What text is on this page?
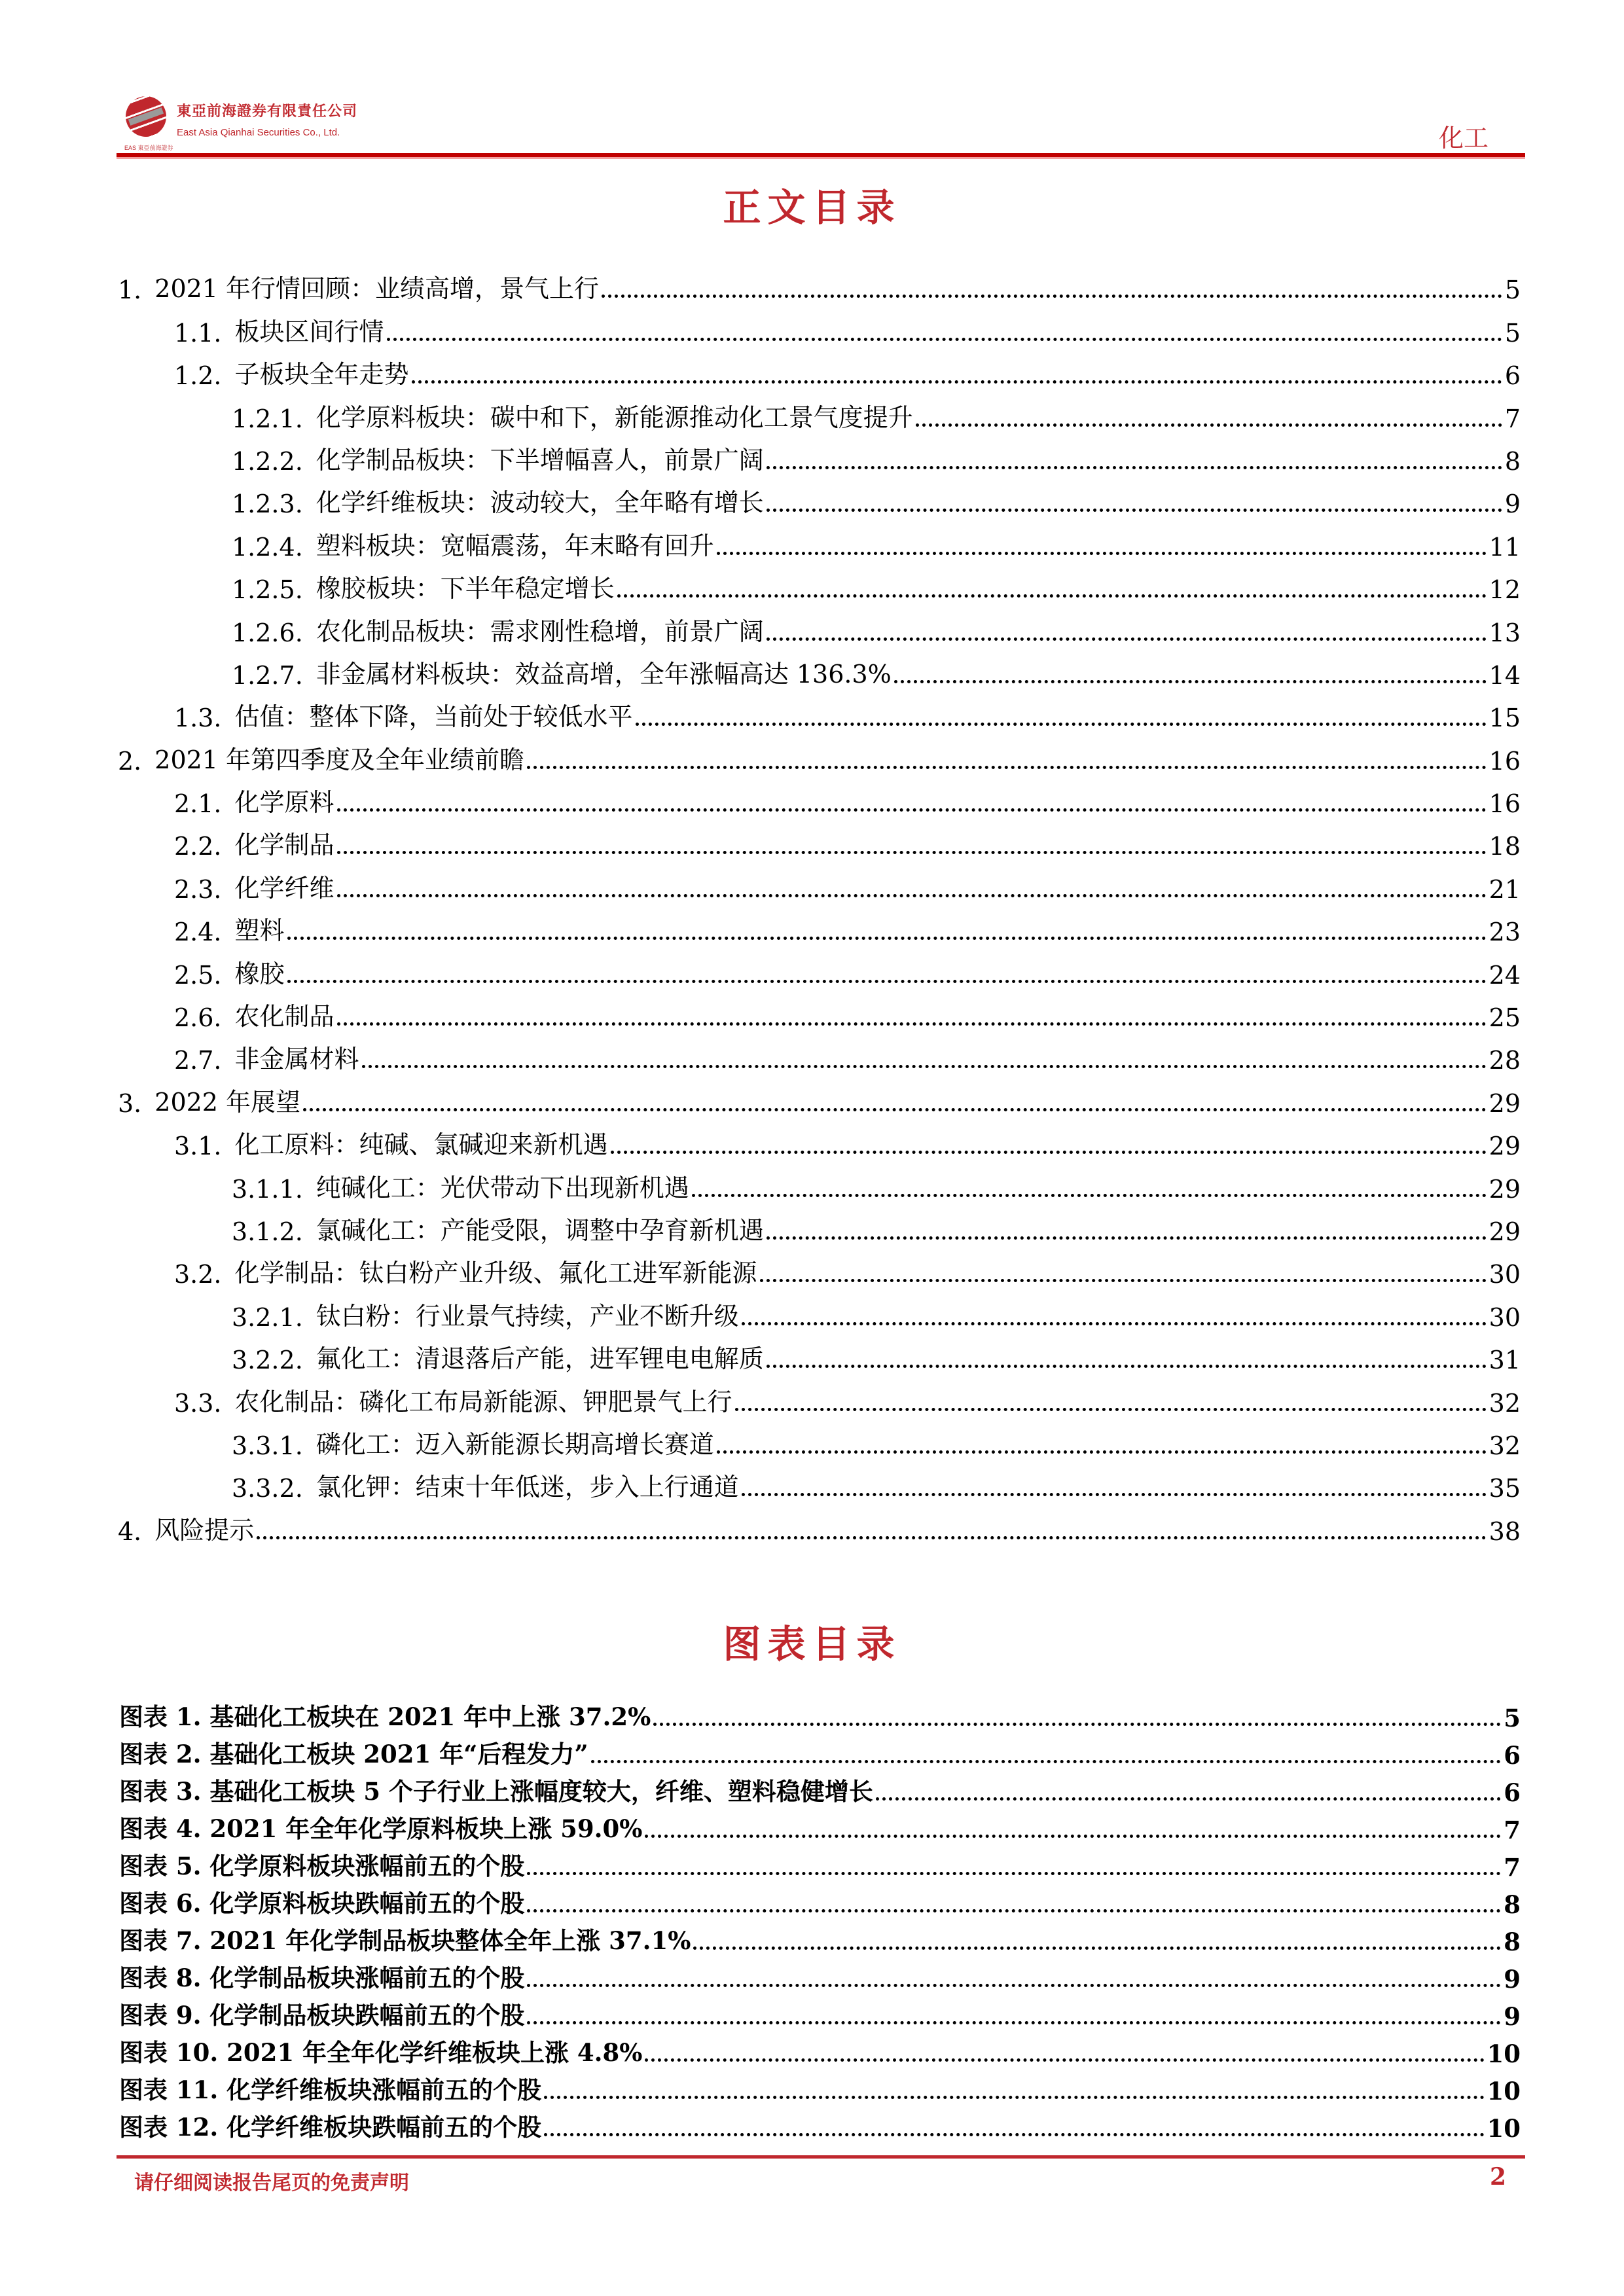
EAS 東亞前海證券
東亞前海證券有限責任公司
East Asia Qianhai Securities Co., Ltd.	化工
正文目录
1. 2021 年行情回顾：业绩高增，景气上行	5
1.1. 板块区间行情	5
1.2. 子板块全年走势	6
1.2.1. 化学原料板块：碳中和下，新能源推动化工景气度提升	7
1.2.2. 化学制品板块：下半增幅喜人，前景广阔	8
1.2.3. 化学纤维板块：波动较大，全年略有增长	9
1.2.4. 塑料板块：宽幅震荡，年末略有回升	11
1.2.5. 橡胶板块：下半年稳定增长	12
1.2.6. 农化制品板块：需求刚性稳增，前景广阔	13
1.2.7. 非金属材料板块：效益高增，全年涨幅高达 136.3%	14
1.3. 估值：整体下降，当前处于较低水平	15
2. 2021 年第四季度及全年业绩前瞻	16
2.1. 化学原料	16
2.2. 化学制品	18
2.3. 化学纤维	21
2.4. 塑料	23
2.5. 橡胶	24
2.6. 农化制品	25
2.7. 非金属材料	28
3. 2022 年展望	29
3.1. 化工原料：纯碱、氯碱迎来新机遇	29
3.1.1. 纯碱化工：光伏带动下出现新机遇	29
3.1.2. 氯碱化工：产能受限，调整中孕育新机遇	29
3.2. 化学制品：钛白粉产业升级、氟化工进军新能源	30
3.2.1. 钛白粉：行业景气持续，产业不断升级	30
3.2.2. 氟化工：清退落后产能，进军锂电电解质	31
3.3. 农化制品：磷化工布局新能源、钾肥景气上行	32
3.3.1. 磷化工：迈入新能源长期高增长赛道	32
3.3.2. 氯化钾：结束十年低迷，步入上行通道	35
4. 风险提示	38
图表目录
图表 1. 基础化工板块在 2021 年中上涨 37.2%	5
图表 2. 基础化工板块 2021 年“后程发力”	6
图表 3. 基础化工板块 5 个子行业上涨幅度较大，纤维、塑料稳健增长	6
图表 4. 2021 年全年化学原料板块上涨 59.0%	7
图表 5. 化学原料板块涨幅前五的个股	7
图表 6. 化学原料板块跌幅前五的个股	8
图表 7. 2021 年化学制品板块整体全年上涨 37.1%	8
图表 8. 化学制品板块涨幅前五的个股	9
图表 9. 化学制品板块跌幅前五的个股	9
图表 10. 2021 年全年化学纤维板块上涨 4.8%	10
图表 11. 化学纤维板块涨幅前五的个股	10
图表 12. 化学纤维板块跌幅前五的个股	10
请仔细阅读报告尾页的免责声明	2
